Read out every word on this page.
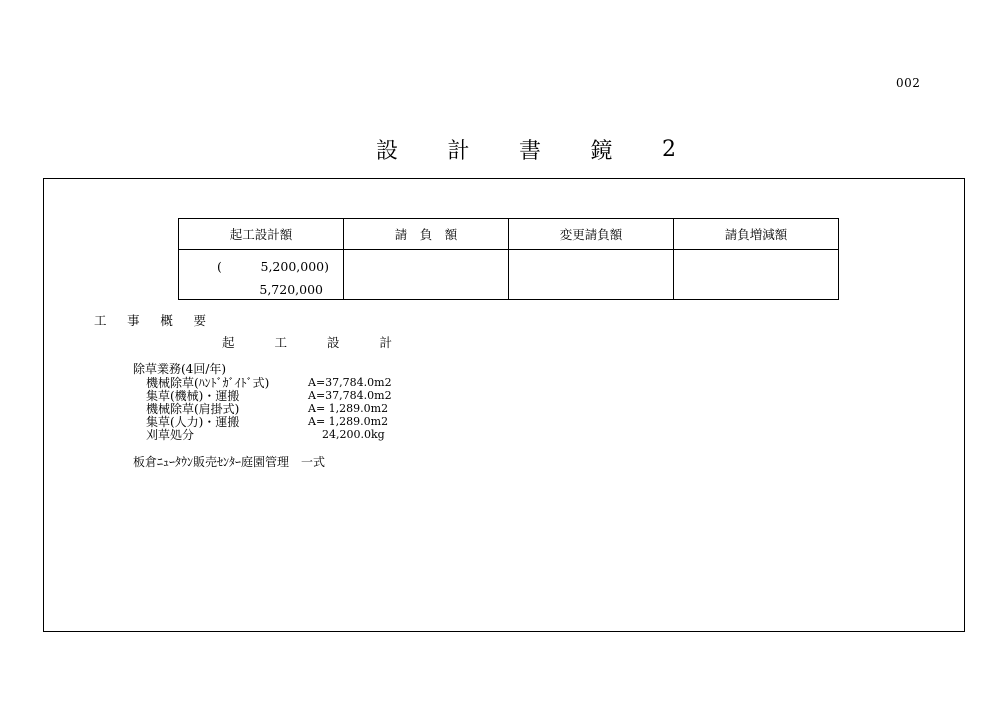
002
設 計 書 鏡 2
起工設計額	請　負　額	変更請負額	請負増減額

( 5,200,000)
5,720,000			

工 事 概 要
起	工	設	計
除草業務(4回/年)
機械除草(ﾊﾝﾄﾞｶﾞｲﾄﾞ式)	A=37,784.0m2
集草(機械)・運搬	A=37,784.0m2
機械除草(肩掛式)	A= 1,289.0m2
集草(人力)・運搬	A= 1,289.0m2
刈草処分	24,200.0kg
板倉ﾆｭｰﾀｳﾝ販売ｾﾝﾀｰ庭園管理　一式
